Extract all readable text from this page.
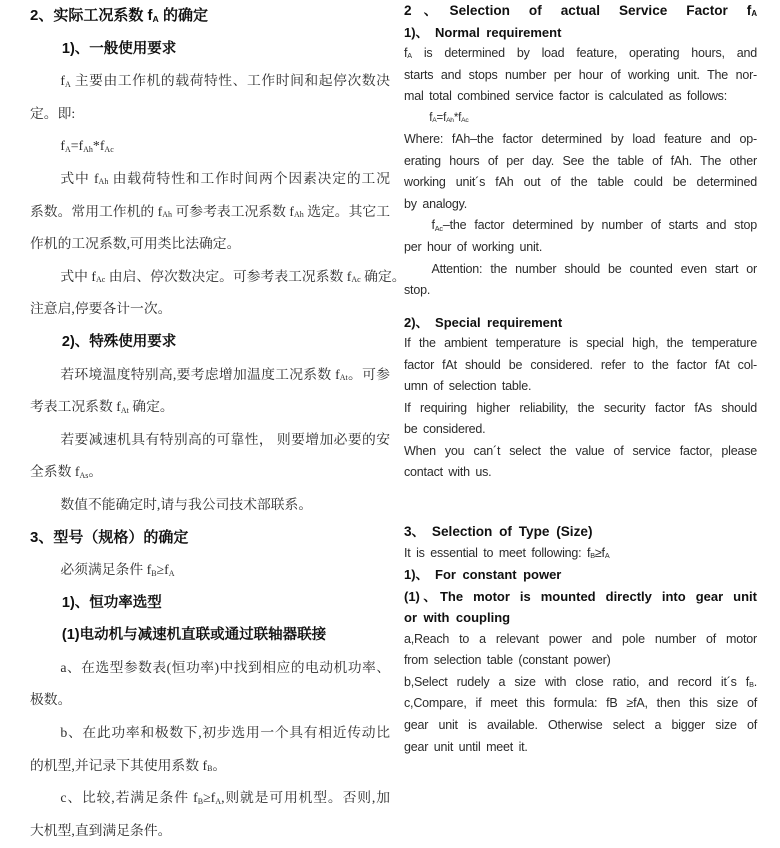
2、实际工况系数 $f_A$ 的确定
1)、一般使用要求
$f_A$ 主要由工作机的载荷特性、工作时间和起停次数决
定。即:
$f_A=f_{Ah}*f_{Ac}$
式中 $f_{Ah}$ 由载荷特性和工作时间两个因素决定的工况
系数。常用工作机的 $f_{Ah}$ 可参考表工况系数 $f_{Ah}$ 选定。其它工
作机的工况系数,可用类比法确定。
式中 $f_{Ac}$ 由启、停次数决定。可参考表工况系数 $f_{Ac}$ 确定。
注意启,停要各计一次。
2)、特殊使用要求
若环境温度特别高,要考虑增加温度工况系数 $f_{At}$。可参
考表工况系数 $f_{At}$ 确定。
若要减速机具有特别高的可靠性， 则要增加必要的安
全系数 $f_{As}$。
数值不能确定时,请与我公司技术部联系。
3、型号（规格）的确定
必须满足条件 $f_B\ge f_A$
1)、恒功率选型
(1)电动机与减速机直联或通过联轴器联接
a、在选型参数表(恒功率)中找到相应的电动机功率、
极数。
b、在此功率和极数下,初步选用一个具有相近传动比
的机型,并记录下其使用系数 $f_B$。
c、比较,若满足条件 $f_B\ge f_A$,则就是可用机型。否则,加
大机型,直到满足条件。
2、Selection of actual Service Factor $f_A$
1)、 Normal requirement
$f_A$ is determined by load feature, operating hours, and
starts and stops number per hour of working unit. The nor-
mal total combined service factor is calculated as follows:
$f_A=f_{Ah}*f_{Ac}$
Where: fAh–the factor determined by load feature and op-
erating hours of per day. See the table of fAh. The other
working unit´s fAh out of the table could be determined
by analogy.
$f_{Ac}$–the factor determined by number of starts and stop
per hour of working unit.
Attention: the number should be counted even start or
stop.
2)、 Special requirement
If the ambient temperature is special high, the temperature
factor fAt should be considered. refer to the factor fAt col-
umn of selection table.
If requiring higher reliability, the security factor fAs should
be considered.
When you can´t select the value of service factor, please
contact with us.
3、 Selection of Type (Size)
It is essential to meet following: $f_B\ge f_A$
1)、 For constant power
(1)、The motor is mounted directly into gear unit
or with coupling
a,Reach to a relevant power and pole number of motor
from selection table (constant power)
b,Select rudely a size with close ratio, and record it´s $f_B$.
c,Compare, if meet this formula: fB ≥fA, then this size of
gear unit is available. Otherwise select a bigger size of
gear unit until meet it.
